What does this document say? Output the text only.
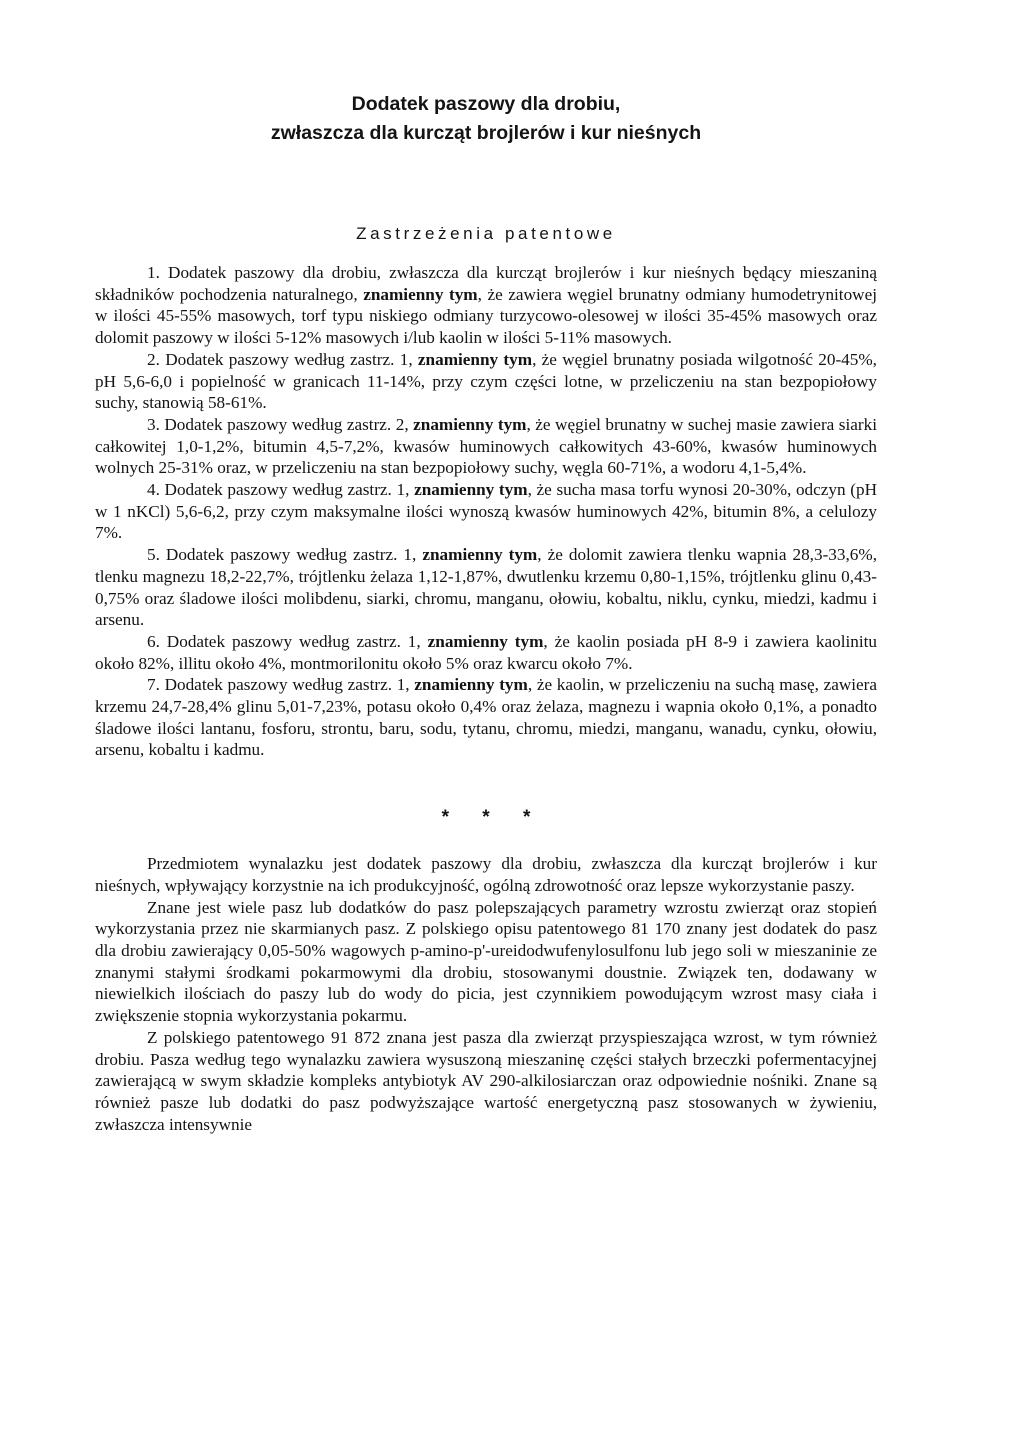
Dodatek paszowy dla drobiu,
zwłaszcza dla kurcząt brojlerów i kur nieśnych
Zastrzeżenia patentowe

1. Dodatek paszowy dla drobiu, zwłaszcza dla kurcząt brojlerów i kur nieśnych będący mieszaniną składników pochodzenia naturalnego, znamienny tym, że zawiera węgiel brunatny odmiany humodetrynitowej w ilości 45-55% masowych, torf typu niskiego odmiany turzycowo-olesowej w ilości 35-45% masowych oraz dolomit paszowy w ilości 5-12% masowych i/lub kaolin w ilości 5-11% masowych.

2. Dodatek paszowy według zastrz. 1, znamienny tym, że węgiel brunatny posiada wilgotność 20-45%, pH 5,6-6,0 i popielność w granicach 11-14%, przy czym części lotne, w przeliczeniu na stan bezpopiołowy suchy, stanowią 58-61%.

3. Dodatek paszowy według zastrz. 2, znamienny tym, że węgiel brunatny w suchej masie zawiera siarki całkowitej 1,0-1,2%, bitumin 4,5-7,2%, kwasów huminowych całkowitych 43-60%, kwasów huminowych wolnych 25-31% oraz, w przeliczeniu na stan bezpopiołowy suchy, węgla 60-71%, a wodoru 4,1-5,4%.

4. Dodatek paszowy według zastrz. 1, znamienny tym, że sucha masa torfu wynosi 20-30%, odczyn (pH w 1 nKCl) 5,6-6,2, przy czym maksymalne ilości wynoszą kwasów huminowych 42%, bitumin 8%, a celulozy 7%.

5. Dodatek paszowy według zastrz. 1, znamienny tym, że dolomit zawiera tlenku wapnia 28,3-33,6%, tlenku magnezu 18,2-22,7%, trójtlenku żelaza 1,12-1,87%, dwutlenku krzemu 0,80-1,15%, trójtlenku glinu 0,43-0,75% oraz śladowe ilości molibdenu, siarki, chromu, manganu, ołowiu, kobaltu, niklu, cynku, miedzi, kadmu i arsenu.

6. Dodatek paszowy według zastrz. 1, znamienny tym, że kaolin posiada pH 8-9 i zawiera kaolinitu około 82%, illitu około 4%, montmorilonitu około 5% oraz kwarcu około 7%.

7. Dodatek paszowy według zastrz. 1, znamienny tym, że kaolin, w przeliczeniu na suchą masę, zawiera krzemu 24,7-28,4% glinu 5,01-7,23%, potasu około 0,4% oraz żelaza, magnezu i wapnia około 0,1%, a ponadto śladowe ilości lantanu, fosforu, strontu, baru, sodu, tytanu, chromu, miedzi, manganu, wanadu, cynku, ołowiu, arsenu, kobaltu i kadmu.

* * *

Przedmiotem wynalazku jest dodatek paszowy dla drobiu, zwłaszcza dla kurcząt brojlerów i kur nieśnych, wpływający korzystnie na ich produkcyjność, ogólną zdrowotność oraz lepsze wykorzystanie paszy.

Znane jest wiele pasz lub dodatków do pasz polepszających parametry wzrostu zwierząt oraz stopień wykorzystania przez nie skarmianych pasz. Z polskiego opisu patentowego 81 170 znany jest dodatek do pasz dla drobiu zawierający 0,05-50% wagowych p-amino-p'-ureidodwufenylosulfonu lub jego soli w mieszaninie ze znanymi stałymi środkami pokarmowymi dla drobiu, stosowanymi doustnie. Związek ten, dodawany w niewielkich ilościach do paszy lub do wody do picia, jest czynnikiem powodującym wzrost masy ciała i zwiększenie stopnia wykorzystania pokarmu.

Z polskiego patentowego 91 872 znana jest pasza dla zwierząt przyspieszająca wzrost, w tym również drobiu. Pasza według tego wynalazku zawiera wysuszoną mieszaninę części stałych brzeczki pofermentacyjnej zawierającą w swym składzie kompleks antybiotyk AV 290-alkilosiarczan oraz odpowiednie nośniki. Znane są również pasze lub dodatki do pasz podwyższające wartość energetyczną pasz stosowanych w żywieniu, zwłaszcza intensywnie
